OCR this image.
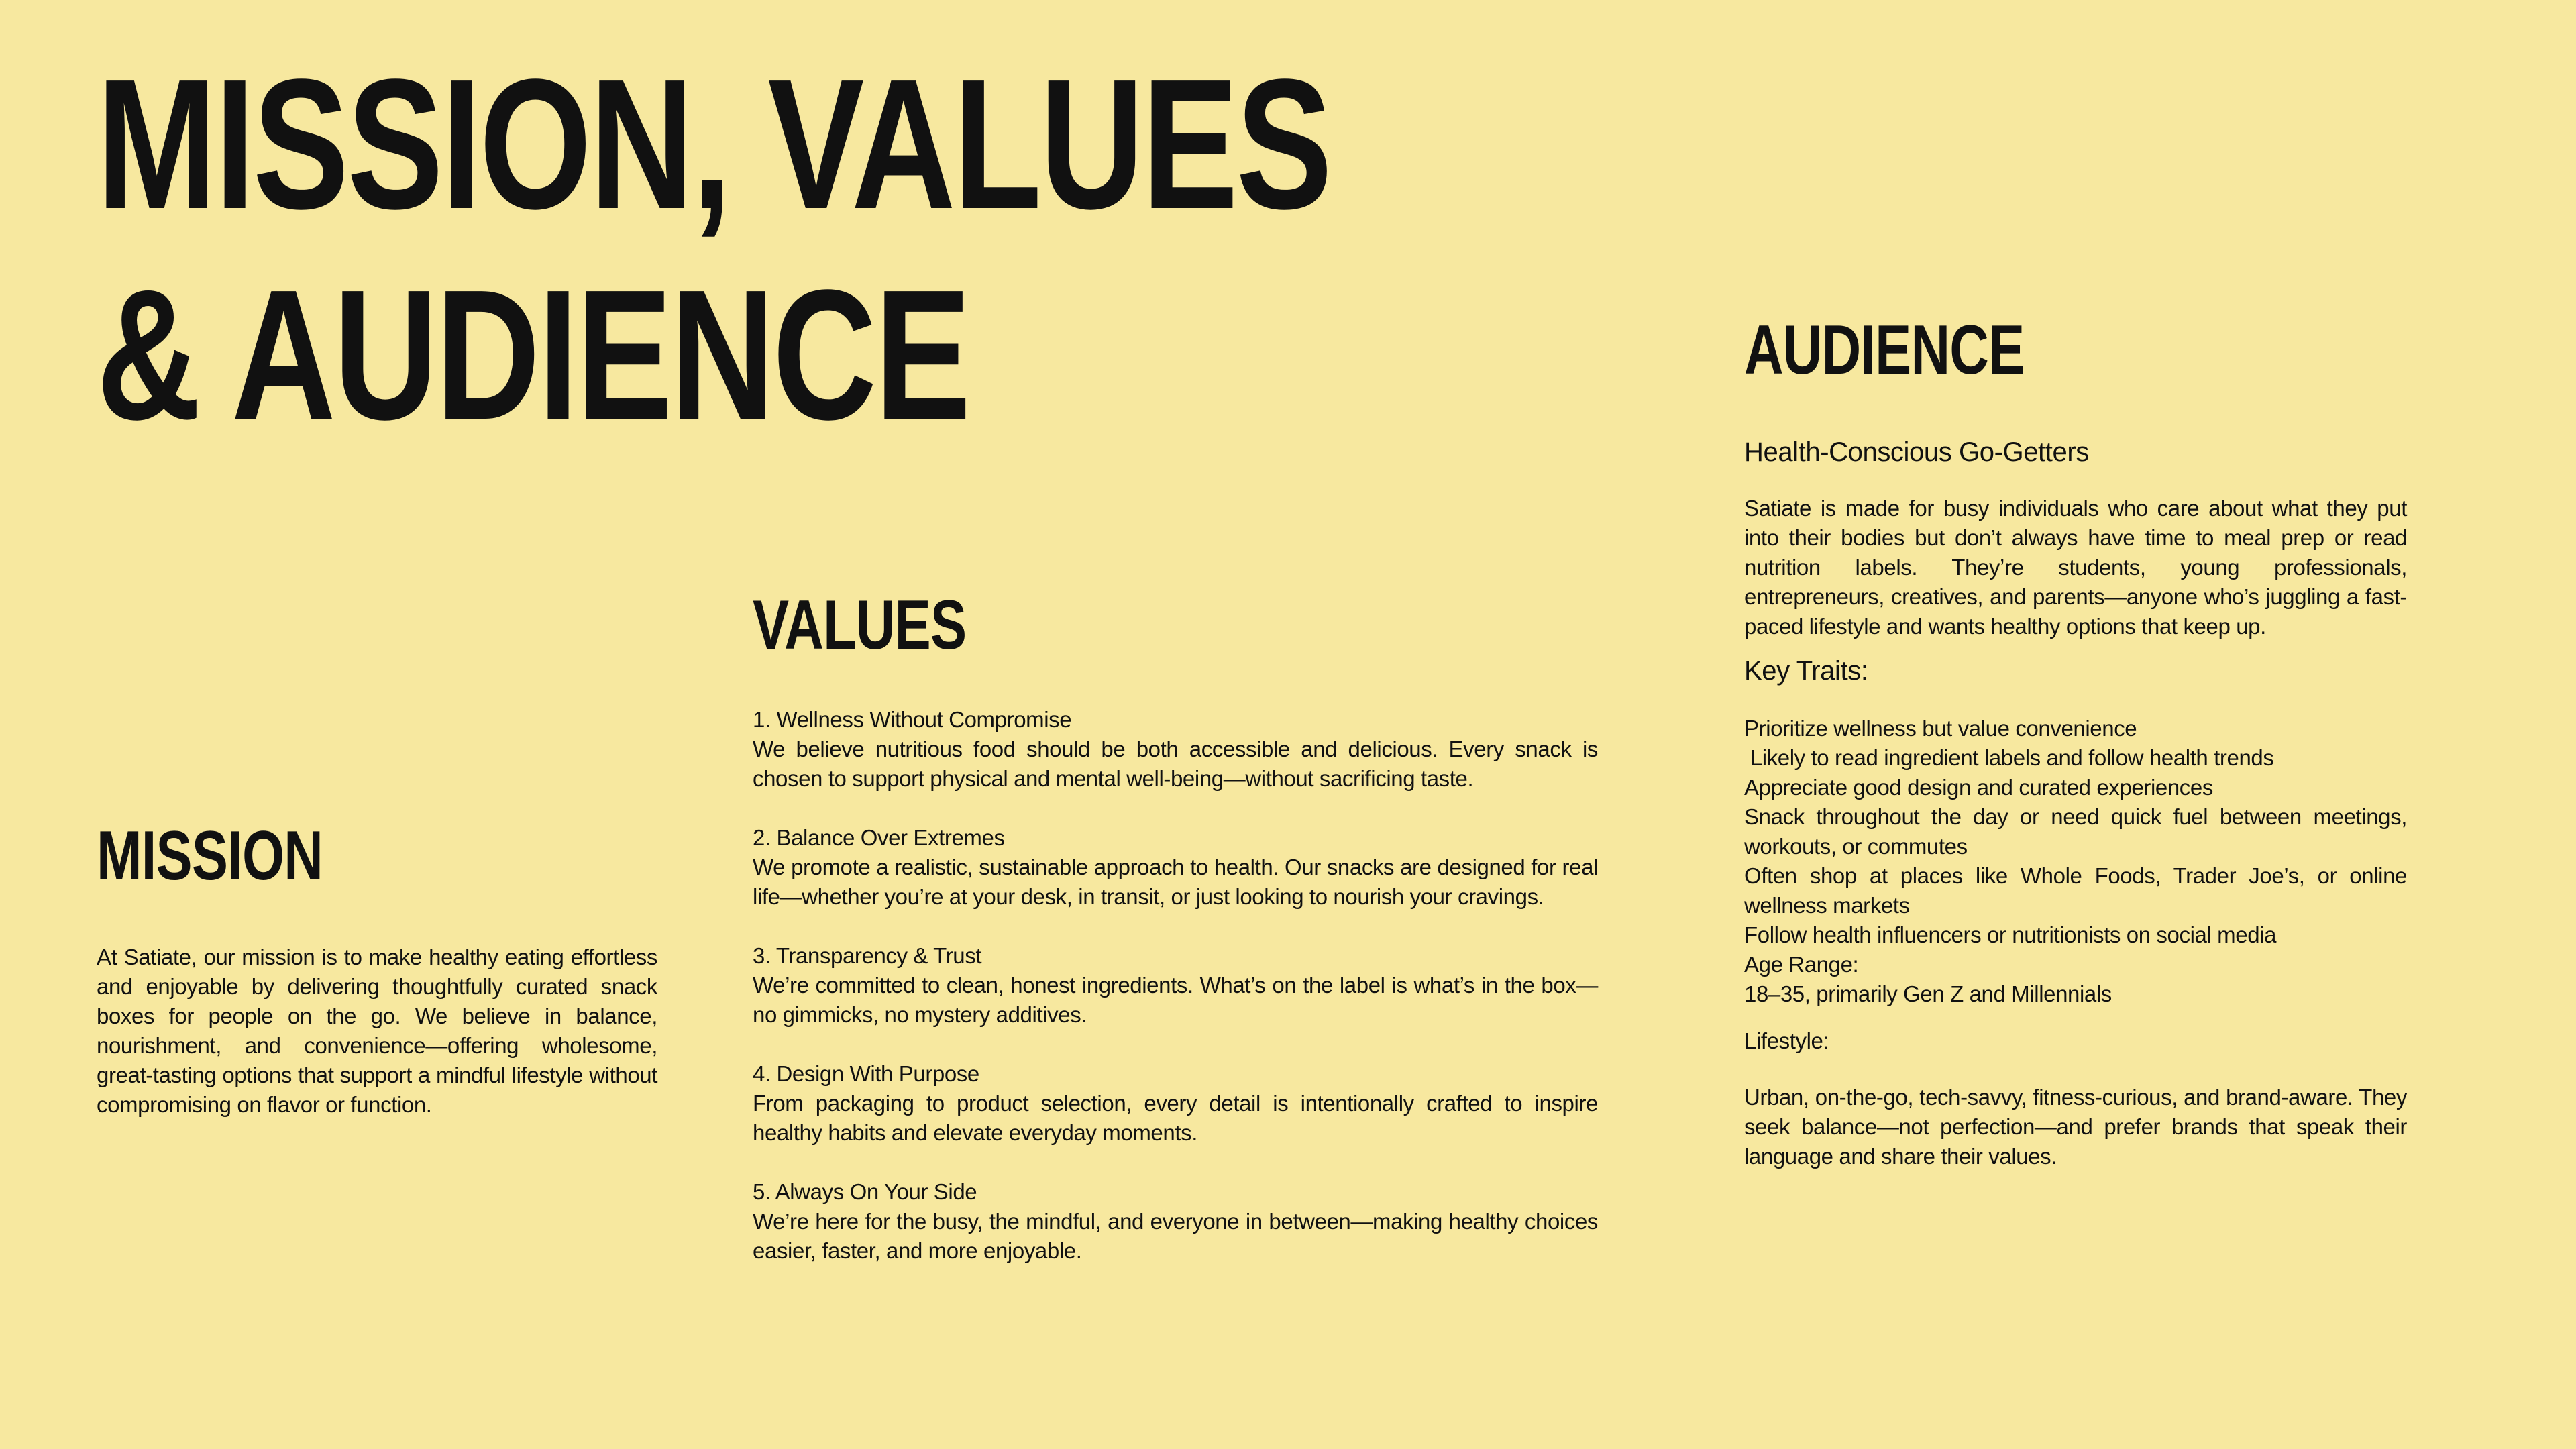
MISSION, VALUES
& AUDIENCE
MISSION

At Satiate, our mission is to make healthy eating effortless and enjoyable by delivering thoughtfully curated snack boxes for people on the go. We believe in balance, nourishment, and convenience—offering wholesome, great-tasting options that support a mindful lifestyle without compromising on flavor or function.

VALUES
1. Wellness Without Compromise
We believe nutritious food should be both accessible and delicious. Every snack is chosen to support physical and mental well-being—without sacrificing taste.
2. Balance Over Extremes
We promote a realistic, sustainable approach to health. Our snacks are designed for real life—whether you’re at your desk, in transit, or just looking to nourish your cravings.
3. Transparency & Trust
We’re committed to clean, honest ingredients. What’s on the label is what’s in the box—no gimmicks, no mystery additives.
4. Design With Purpose
From packaging to product selection, every detail is intentionally crafted to inspire healthy habits and elevate everyday moments.
5. Always On Your Side
We’re here for the busy, the mindful, and everyone in between—making healthy choices easier, faster, and more enjoyable.
AUDIENCE

Health-Conscious Go-Getters

Satiate is made for busy individuals who care about what they put into their bodies but don’t always have time to meal prep or read nutrition labels. They’re students, young professionals, entrepreneurs, creatives, and parents—anyone who’s juggling a fast-paced lifestyle and wants healthy options that keep up.

Key Traits:

Prioritize wellness but value convenience
Likely to read ingredient labels and follow health trends
Appreciate good design and curated experiences
Snack throughout the day or need quick fuel between meetings, workouts, or commutes
Often shop at places like Whole Foods, Trader Joe’s, or online wellness markets
Follow health influencers or nutritionists on social media
Age Range:
18–35, primarily Gen Z and Millennials
Lifestyle:

Urban, on-the-go, tech-savvy, fitness-curious, and brand-aware. They seek balance—not perfection—and prefer brands that speak their language and share their values.
